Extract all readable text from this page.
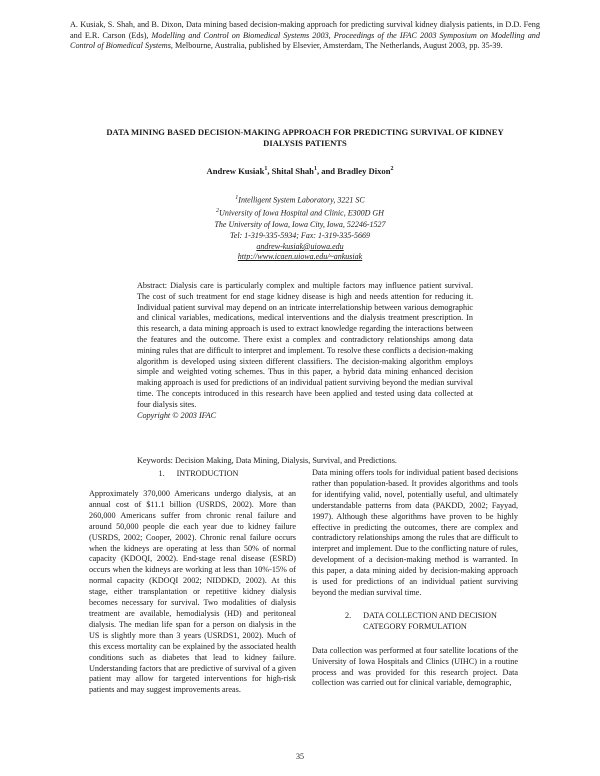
A. Kusiak, S. Shah, and B. Dixon, Data mining based decision-making approach for predicting survival kidney dialysis patients, in D.D. Feng and E.R. Carson (Eds), Modelling and Control on Biomedical Systems 2003, Proceedings of the IFAC 2003 Symposium on Modelling and Control of Biomedical Systems, Melbourne, Australia, published by Elsevier, Amsterdam, The Netherlands, August 2003, pp. 35-39.
DATA MINING BASED DECISION-MAKING APPROACH FOR PREDICTING SURVIVAL OF KIDNEY DIALYSIS PATIENTS
Andrew Kusiak$^1$, Shital Shah$^1$, and Bradley Dixon$^2$
$^1$Intelligent System Laboratory, 3221 SC
$^2$University of Iowa Hospital and Clinic, E300D GH
The University of Iowa, Iowa City, Iowa, 52246-1527
Tel: 1-319-335-5934; Fax: 1-319-335-5669
andrew-kusiak@uiowa.edu
http://www.icaen.uiowa.edu/~ankusiak
Abstract: Dialysis care is particularly complex and multiple factors may influence patient survival. The cost of such treatment for end stage kidney disease is high and needs attention for reducing it. Individual patient survival may depend on an intricate interrelationship between various demographic and clinical variables, medications, medical interventions and the dialysis treatment prescription. In this research, a data mining approach is used to extract knowledge regarding the interactions between the features and the outcome. There exist a complex and contradictory relationships among data mining rules that are difficult to interpret and implement. To resolve these conflicts a decision-making algorithm is developed using sixteen different classifiers. The decision-making algorithm employs simple and weighted voting schemes. Thus in this paper, a hybrid data mining enhanced decision making approach is used for predictions of an individual patient surviving beyond the median survival time. The concepts introduced in this research have been applied and tested using data collected at four dialysis sites.
Copyright © 2003 IFAC
Keywords: Decision Making, Data Mining, Dialysis, Survival, and Predictions.
1. INTRODUCTION

Approximately 370,000 Americans undergo dialysis, at an annual cost of $11.1 billion (USRDS, 2002). More than 260,000 Americans suffer from chronic renal failure and around 50,000 people die each year due to kidney failure (USRDS, 2002; Cooper, 2002). Chronic renal failure occurs when the kidneys are operating at less than 50% of normal capacity (KDOQI, 2002). End-stage renal disease (ESRD) occurs when the kidneys are working at less than 10%-15% of normal capacity (KDOQI 2002; NIDDKD, 2002). At this stage, either transplantation or repetitive kidney dialysis becomes necessary for survival. Two modalities of dialysis treatment are available, hemodialysis (HD) and peritoneal dialysis. The median life span for a person on dialysis in the US is slightly more than 3 years (USRDS1, 2002). Much of this excess mortality can be explained by the associated health conditions such as diabetes that lead to kidney failure. Understanding factors that are predictive of survival of a given patient may allow for targeted interventions for high-risk patients and may suggest improvements areas.

Data mining offers tools for individual patient based decisions rather than population-based. It provides algorithms and tools for identifying valid, novel, potentially useful, and ultimately understandable patterns from data (PAKDD, 2002; Fayyad, 1997). Although these algorithms have proven to be highly effective in predicting the outcomes, there are complex and contradictory relationships among the rules that are difficult to interpret and implement. Due to the conflicting nature of rules, development of a decision-making method is warranted. In this paper, a data mining aided by decision-making approach is used for predictions of an individual patient surviving beyond the median survival time.

2. DATA COLLECTION AND DECISION
CATEGORY FORMULATION

Data collection was performed at four satellite locations of the University of Iowa Hospitals and Clinics (UIHC) in a routine process and was provided for this research project. Data collection was carried out for clinical variable, demographic,

35
